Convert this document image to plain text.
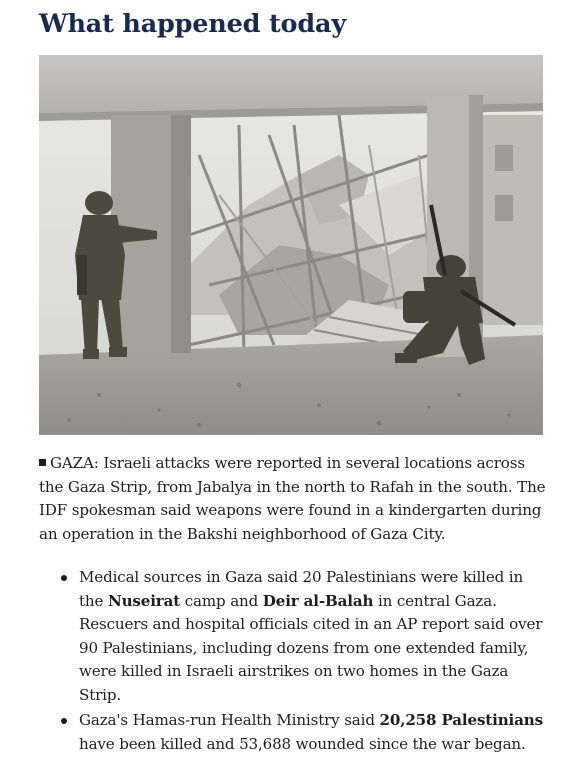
What happened today

GAZA: Israeli attacks were reported in several locations across the Gaza Strip, from Jabalya in the north to Rafah in the south. The IDF spokesman said weapons were found in a kindergarten during an operation in the Bakshi neighborhood of Gaza City.

Medical sources in Gaza said 20 Palestinians were killed in the Nuseirat camp and Deir al-Balah in central Gaza. Rescuers and hospital officials cited in an AP report said over 90 Palestinians, including dozens from one extended family, were killed in Israeli airstrikes on two homes in the Gaza Strip.
Gaza's Hamas-run Health Ministry said 20,258 Palestinians have been killed and 53,688 wounded since the war began.
